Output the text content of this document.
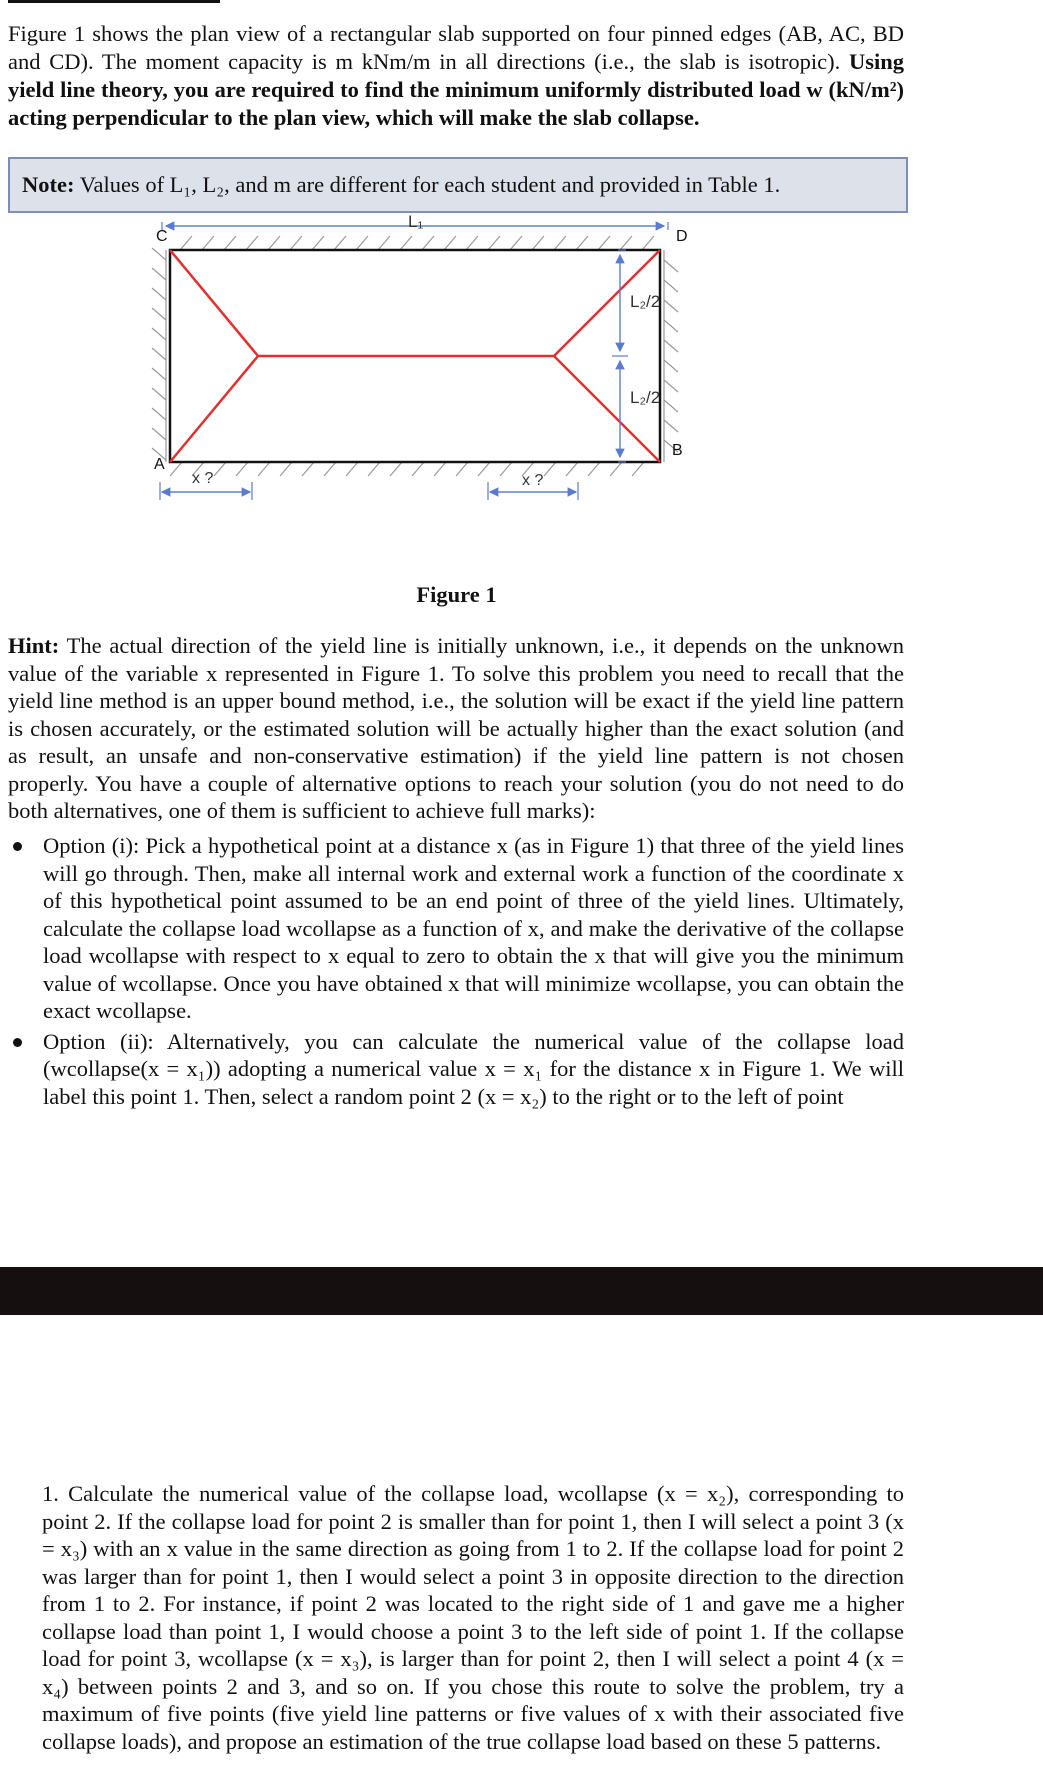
Figure 1 shows the plan view of a rectangular slab supported on four pinned edges (AB, AC, BD and CD). The moment capacity is m kNm/m in all directions (i.e., the slab is isotropic). Using yield line theory, you are required to find the minimum uniformly distributed load w (kN/m²) acting perpendicular to the plan view, which will make the slab collapse.

Note: Values of L₁, L₂, and m are different for each student and provided in Table 1.
L₁
C	D
A
B
L₂/2
L₂/2
x ?	x ?
Figure 1

Hint: The actual direction of the yield line is initially unknown, i.e., it depends on the unknown value of the variable x represented in Figure 1. To solve this problem you need to recall that the yield line method is an upper bound method, i.e., the solution will be exact if the yield line pattern is chosen accurately, or the estimated solution will be actually higher than the exact solution (and as result, an unsafe and non-conservative estimation) if the yield line pattern is not chosen properly. You have a couple of alternative options to reach your solution (you do not need to do both alternatives, one of them is sufficient to achieve full marks):

Option (i): Pick a hypothetical point at a distance x (as in Figure 1) that three of the yield lines will go through. Then, make all internal work and external work a function of the coordinate x of this hypothetical point assumed to be an end point of three of the yield lines. Ultimately, calculate the collapse load wcollapse as a function of x, and make the derivative of the collapse load wcollapse with respect to x equal to zero to obtain the x that will give you the minimum value of wcollapse. Once you have obtained x that will minimize wcollapse, you can obtain the exact wcollapse.
Option (ii): Alternatively, you can calculate the numerical value of the collapse load (wcollapse(x = x₁)) adopting a numerical value x = x₁ for the distance x in Figure 1. We will label this point 1. Then, select a random point 2 (x = x₂) to the right or to the left of point

1. Calculate the numerical value of the collapse load, wcollapse (x = x₂), corresponding to point 2. If the collapse load for point 2 is smaller than for point 1, then I will select a point 3 (x = x₃) with an x value in the same direction as going from 1 to 2. If the collapse load for point 2 was larger than for point 1, then I would select a point 3 in opposite direction to the direction from 1 to 2. For instance, if point 2 was located to the right side of 1 and gave me a higher collapse load than point 1, I would choose a point 3 to the left side of point 1. If the collapse load for point 3, wcollapse (x = x₃), is larger than for point 2, then I will select a point 4 (x = x₄) between points 2 and 3, and so on. If you chose this route to solve the problem, try a maximum of five points (five yield line patterns or five values of x with their associated five collapse loads), and propose an estimation of the true collapse load based on these 5 patterns.
